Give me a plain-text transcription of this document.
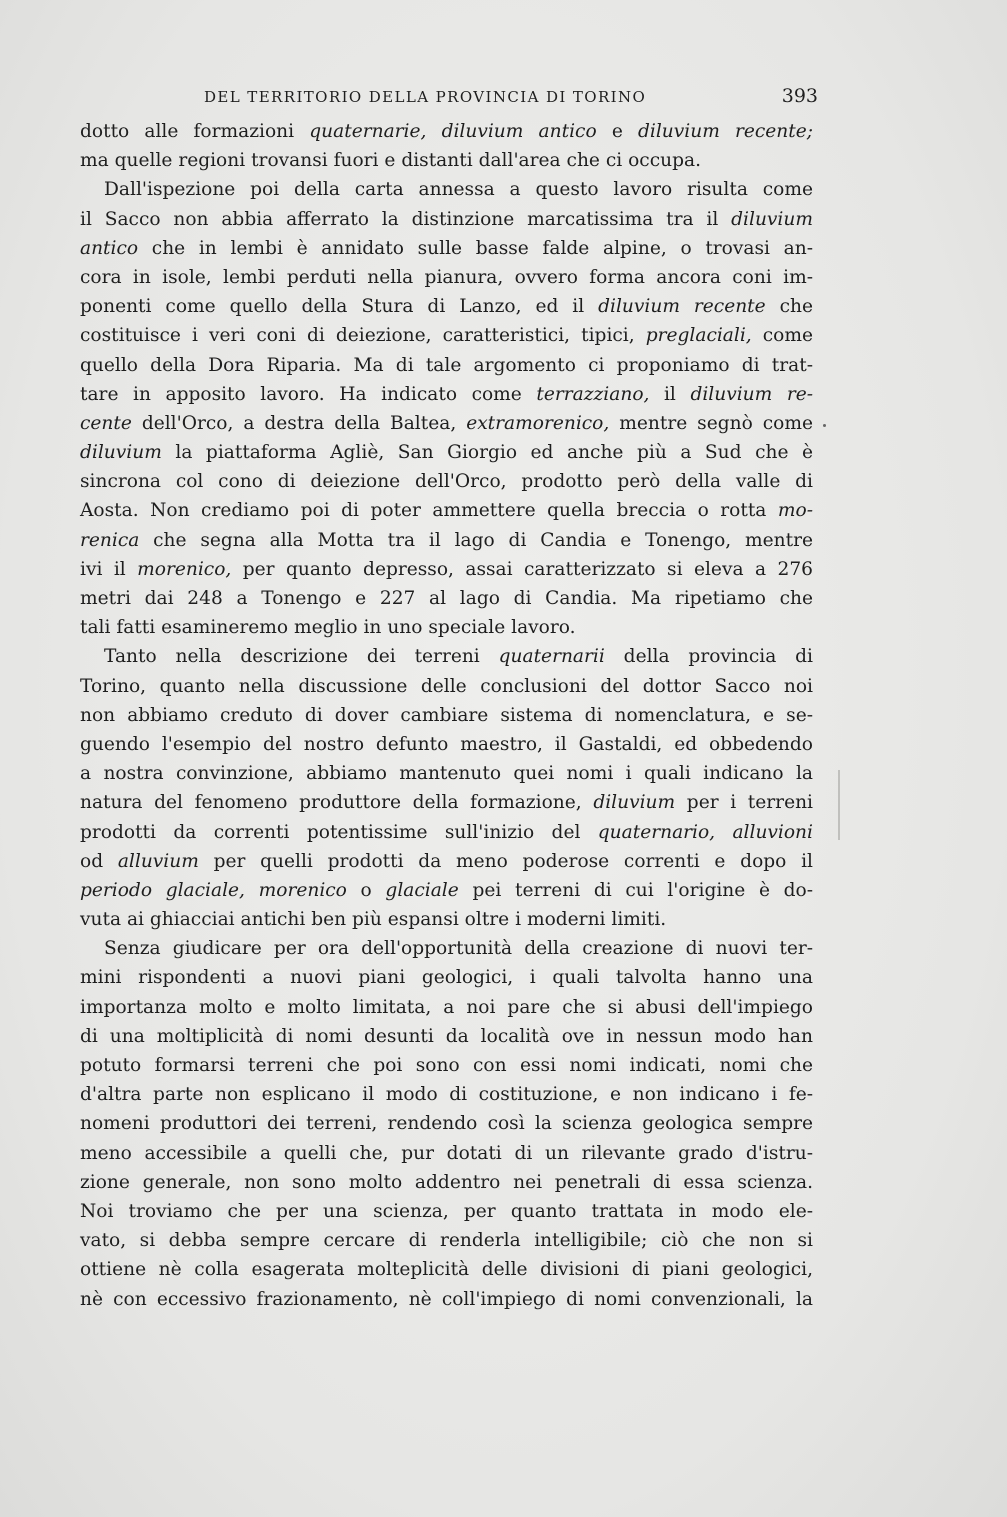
DEL TERRITORIO DELLA PROVINCIA DI TORINO	393
dotto alle formazioni quaternarie, diluvium antico e diluvium recente;
ma quelle regioni trovansi fuori e distanti dall'area che ci occupa.
Dall'ispezione poi della carta annessa a questo lavoro risulta come
il Sacco non abbia afferrato la distinzione marcatissima tra il diluvium
antico che in lembi è annidato sulle basse falde alpine, o trovasi an-
cora in isole, lembi perduti nella pianura, ovvero forma ancora coni im-
ponenti come quello della Stura di Lanzo, ed il diluvium recente che
costituisce i veri coni di deiezione, caratteristici, tipici, preglaciali, come
quello della Dora Riparia. Ma di tale argomento ci proponiamo di trat-
tare in apposito lavoro. Ha indicato come terrazziano, il diluvium re-
cente dell'Orco, a destra della Baltea, extramorenico, mentre segnò come
diluvium la piattaforma Agliè, San Giorgio ed anche più a Sud che è
sincrona col cono di deiezione dell'Orco, prodotto però della valle di
Aosta. Non crediamo poi di poter ammettere quella breccia o rotta mo-
renica che segna alla Motta tra il lago di Candia e Tonengo, mentre
ivi il morenico, per quanto depresso, assai caratterizzato si eleva a 276
metri dai 248 a Tonengo e 227 al lago di Candia. Ma ripetiamo che
tali fatti esamineremo meglio in uno speciale lavoro.
Tanto nella descrizione dei terreni quaternarii della provincia di
Torino, quanto nella discussione delle conclusioni del dottor Sacco noi
non abbiamo creduto di dover cambiare sistema di nomenclatura, e se-
guendo l'esempio del nostro defunto maestro, il Gastaldi, ed obbedendo
a nostra convinzione, abbiamo mantenuto quei nomi i quali indicano la
natura del fenomeno produttore della formazione, diluvium per i terreni
prodotti da correnti potentissime sull'inizio del quaternario, alluvioni
od alluvium per quelli prodotti da meno poderose correnti e dopo il
periodo glaciale, morenico o glaciale pei terreni di cui l'origine è do-
vuta ai ghiacciai antichi ben più espansi oltre i moderni limiti.
Senza giudicare per ora dell'opportunità della creazione di nuovi ter-
mini rispondenti a nuovi piani geologici, i quali talvolta hanno una
importanza molto e molto limitata, a noi pare che si abusi dell'impiego
di una moltiplicità di nomi desunti da località ove in nessun modo han
potuto formarsi terreni che poi sono con essi nomi indicati, nomi che
d'altra parte non esplicano il modo di costituzione, e non indicano i fe-
nomeni produttori dei terreni, rendendo così la scienza geologica sempre
meno accessibile a quelli che, pur dotati di un rilevante grado d'istru-
zione generale, non sono molto addentro nei penetrali di essa scienza.
Noi troviamo che per una scienza, per quanto trattata in modo ele-
vato, si debba sempre cercare di renderla intelligibile; ciò che non si
ottiene nè colla esagerata molteplicità delle divisioni di piani geologici,
nè con eccessivo frazionamento, nè coll'impiego di nomi convenzionali, la
